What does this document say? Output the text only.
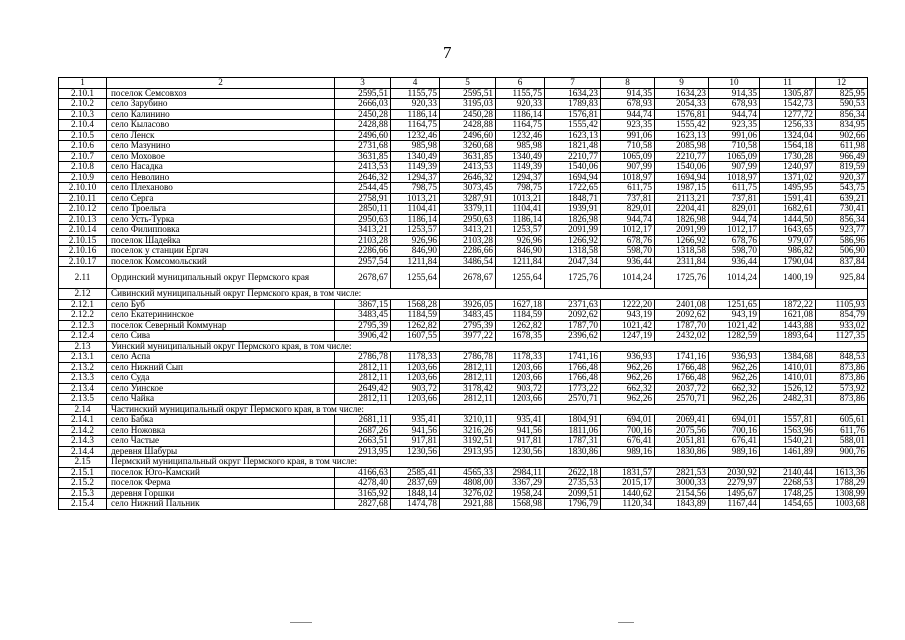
7
1	2	3	4	5	6	7	8	9	10	11	12
2.10.1	поселок Семсовхоз	2595,51	1155,75	2595,51	1155,75	1634,23	914,35	1634,23	914,35	1305,87	825,95
2.10.2	село Зарубино	2666,03	920,33	3195,03	920,33	1789,83	678,93	2054,33	678,93	1542,73	590,53
2.10.3	село Калинино	2450,28	1186,14	2450,28	1186,14	1576,81	944,74	1576,81	944,74	1277,72	856,34
2.10.4	село Кыласово	2428,88	1164,75	2428,88	1164,75	1555,42	923,35	1555,42	923,35	1256,33	834,95
2.10.5	село Ленск	2496,60	1232,46	2496,60	1232,46	1623,13	991,06	1623,13	991,06	1324,04	902,66
2.10.6	село Мазунино	2731,68	985,98	3260,68	985,98	1821,48	710,58	2085,98	710,58	1564,18	611,98
2.10.7	село Моховое	3631,85	1340,49	3631,85	1340,49	2210,77	1065,09	2210,77	1065,09	1730,28	966,49
2.10.8	село Насадка	2413,53	1149,39	2413,53	1149,39	1540,06	907,99	1540,06	907,99	1240,97	819,59
2.10.9	село Неволино	2646,32	1294,37	2646,32	1294,37	1694,94	1018,97	1694,94	1018,97	1371,02	920,37
2.10.10	село Плеханово	2544,45	798,75	3073,45	798,75	1722,65	611,75	1987,15	611,75	1495,95	543,75
2.10.11	село Серга	2758,91	1013,21	3287,91	1013,21	1848,71	737,81	2113,21	737,81	1591,41	639,21
2.10.12	село Троельга	2850,11	1104,41	3379,11	1104,41	1939,91	829,01	2204,41	829,01	1682,61	730,41
2.10.13	село Усть-Турка	2950,63	1186,14	2950,63	1186,14	1826,98	944,74	1826,98	944,74	1444,50	856,34
2.10.14	село Филипповка	3413,21	1253,57	3413,21	1253,57	2091,99	1012,17	2091,99	1012,17	1643,65	923,77
2.10.15	поселок Шадейка	2103,28	926,96	2103,28	926,96	1266,92	678,76	1266,92	678,76	979,07	586,96
2.10.16	поселок у станции Ергач	2286,66	846,90	2286,66	846,90	1318,58	598,70	1318,58	598,70	986,82	506,90
2.10.17	поселок Комсомольский	2957,54	1211,84	3486,54	1211,84	2047,34	936,44	2311,84	936,44	1790,04	837,84
2.11	Ординский муниципальный округ Пермского края	2678,67	1255,64	2678,67	1255,64	1725,76	1014,24	1725,76	1014,24	1400,19	925,84
2.12	Сивинский муниципальный округ Пермского края, в том числе:										
2.12.1	село Буб	3867,15	1568,28	3926,05	1627,18	2371,63	1222,20	2401,08	1251,65	1872,22	1105,93
2.12.2	село Екатерининское	3483,45	1184,59	3483,45	1184,59	2092,62	943,19	2092,62	943,19	1621,08	854,79
2.12.3	поселок Северный Коммунар	2795,39	1262,82	2795,39	1262,82	1787,70	1021,42	1787,70	1021,42	1443,88	933,02
2.12.4	село Сива	3906,42	1607,55	3977,22	1678,35	2396,62	1247,19	2432,02	1282,59	1893,64	1127,35
2.13	Уинский муниципальный округ Пермского края, в том числе:										
2.13.1	село Аспа	2786,78	1178,33	2786,78	1178,33	1741,16	936,93	1741,16	936,93	1384,68	848,53
2.13.2	село Нижний Сып	2812,11	1203,66	2812,11	1203,66	1766,48	962,26	1766,48	962,26	1410,01	873,86
2.13.3	село Суда	2812,11	1203,66	2812,11	1203,66	1766,48	962,26	1766,48	962,26	1410,01	873,86
2.13.4	село Уинское	2649,42	903,72	3178,42	903,72	1773,22	662,32	2037,72	662,32	1526,12	573,92
2.13.5	село Чайка	2812,11	1203,66	2812,11	1203,66	2570,71	962,26	2570,71	962,26	2482,31	873,86
2.14	Частинский муниципальный округ Пермского края, в том числе:										
2.14.1	село Бабка	2681,11	935,41	3210,11	935,41	1804,91	694,01	2069,41	694,01	1557,81	605,61
2.14.2	село Ножовка	2687,26	941,56	3216,26	941,56	1811,06	700,16	2075,56	700,16	1563,96	611,76
2.14.3	село Частые	2663,51	917,81	3192,51	917,81	1787,31	676,41	2051,81	676,41	1540,21	588,01
2.14.4	деревня Шабуры	2913,95	1230,56	2913,95	1230,56	1830,86	989,16	1830,86	989,16	1461,89	900,76
2.15	Пермский муниципальный округ Пермского края, в том числе:										
2.15.1	поселок Юго-Камский	4166,63	2585,41	4565,33	2984,11	2622,18	1831,57	2821,53	2030,92	2140,44	1613,36
2.15.2	поселок Ферма	4278,40	2837,69	4808,00	3367,29	2735,53	2015,17	3000,33	2279,97	2268,53	1788,29
2.15.3	деревня Горшки	3165,92	1848,14	3276,02	1958,24	2099,51	1440,62	2154,56	1495,67	1748,25	1308,99
2.15.4	село Нижний Пальник	2827,68	1474,78	2921,88	1568,98	1796,79	1120,34	1843,89	1167,44	1454,65	1003,68
